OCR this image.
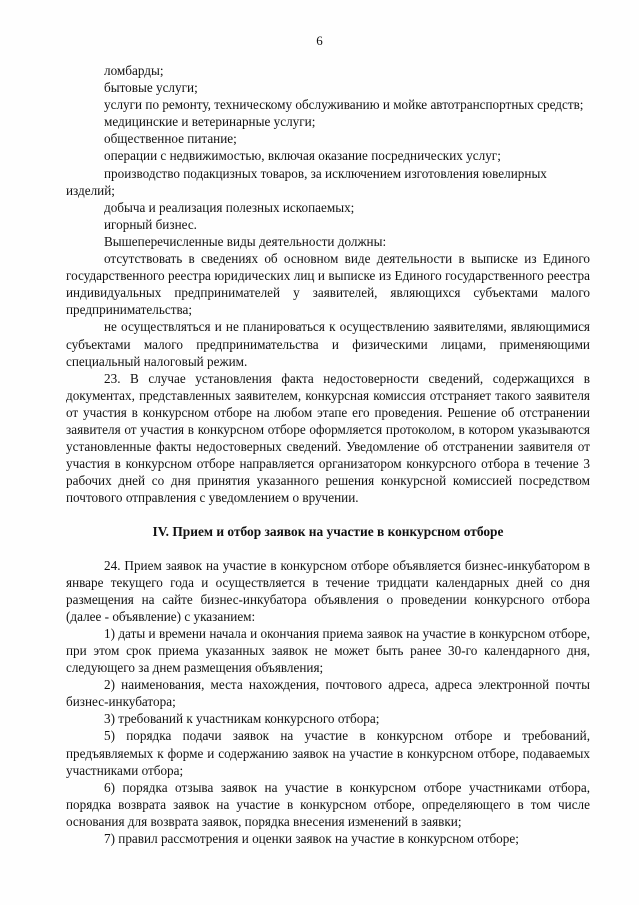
6

ломбарды;

бытовые услуги;

услуги по ремонту, техническому обслуживанию и мойке автотранспортных средств;

медицинские и ветеринарные услуги;

общественное питание;

операции с недвижимостью, включая оказание посреднических услуг;

производство подакцизных товаров, за исключением изготовления ювелирных изделий;

добыча и реализация полезных ископаемых;

игорный бизнес.

Вышеперечисленные виды деятельности должны:

отсутствовать в сведениях об основном виде деятельности в выписке из Единого государственного реестра юридических лиц и выписке из Единого государственного реестра индивидуальных предпринимателей у заявителей, являющихся субъектами малого предпринимательства;

не осуществляться и не планироваться к осуществлению заявителями, являющимися субъектами малого предпринимательства и физическими лицами, применяющими специальный налоговый режим.

23. В случае установления факта недостоверности сведений, содержащихся в документах, представленных заявителем, конкурсная комиссия отстраняет такого заявителя от участия в конкурсном отборе на любом этапе его проведения. Решение об отстранении заявителя от участия в конкурсном отборе оформляется протоколом, в котором указываются установленные факты недостоверных сведений. Уведомление об отстранении заявителя от участия в конкурсном отборе направляется организатором конкурсного отбора в течение 3 рабочих дней со дня принятия указанного решения конкурсной комиссией посредством почтового отправления с уведомлением о вручении.

IV. Прием и отбор заявок на участие в конкурсном отборе

24. Прием заявок на участие в конкурсном отборе объявляется бизнес-инкубатором в январе текущего года и осуществляется в течение тридцати календарных дней со дня размещения на сайте бизнес-инкубатора объявления о проведении конкурсного отбора (далее - объявление) с указанием:

1) даты и времени начала и окончания приема заявок на участие в конкурсном отборе, при этом срок приема указанных заявок не может быть ранее 30-го календарного дня, следующего за днем размещения объявления;

2) наименования, места нахождения, почтового адреса, адреса электронной почты бизнес-инкубатора;

3) требований к участникам конкурсного отбора;

5) порядка подачи заявок на участие в конкурсном отборе и требований, предъявляемых к форме и содержанию заявок на участие в конкурсном отборе, подаваемых участниками отбора;

6) порядка отзыва заявок на участие в конкурсном отборе участниками отбора, порядка возврата заявок на участие в конкурсном отборе, определяющего в том числе основания для возврата заявок, порядка внесения изменений в заявки;

7) правил рассмотрения и оценки заявок на участие в конкурсном отборе;
